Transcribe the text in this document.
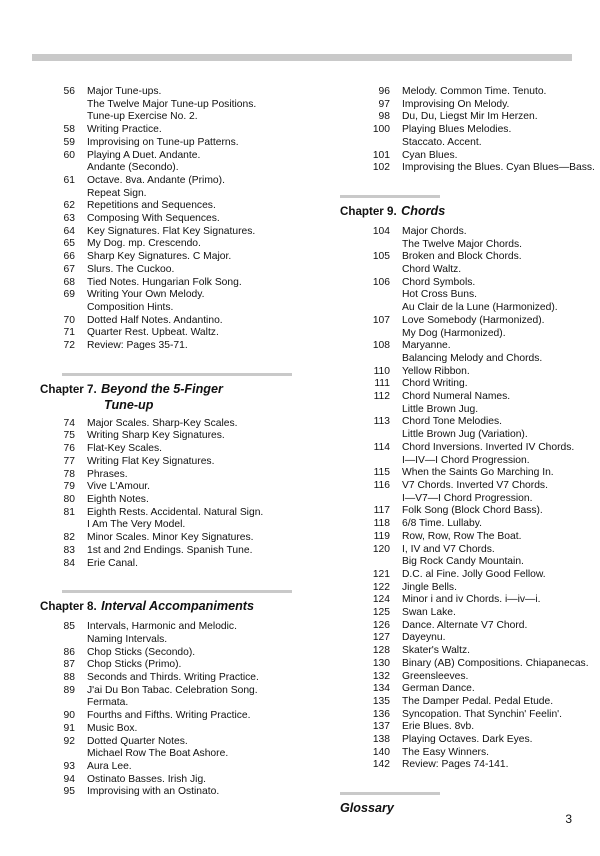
56	Major Tune-ups.
The Twelve Major Tune-up Positions.
Tune-up Exercise No. 2.
58	Writing Practice.
59	Improvising on Tune-up Patterns.
60	Playing A Duet. Andante.
Andante (Secondo).
61	Octave. 8va. Andante (Primo).
Repeat Sign.
62	Repetitions and Sequences.
63	Composing With Sequences.
64	Key Signatures. Flat Key Signatures.
65	My Dog. mp. Crescendo.
66	Sharp Key Signatures. C Major.
67	Slurs. The Cuckoo.
68	Tied Notes. Hungarian Folk Song.
69	Writing Your Own Melody.
Composition Hints.
70	Dotted Half Notes. Andantino.
71	Quarter Rest. Upbeat. Waltz.
72	Review: Pages 35-71.
Chapter 7. Beyond the 5-Finger
Tune-up
74	Major Scales. Sharp-Key Scales.
75	Writing Sharp Key Signatures.
76	Flat-Key Scales.
77	Writing Flat Key Signatures.
78	Phrases.
79	Vive L'Amour.
80	Eighth Notes.
81	Eighth Rests. Accidental. Natural Sign.
I Am The Very Model.
82	Minor Scales. Minor Key Signatures.
83	1st and 2nd Endings. Spanish Tune.
84	Erie Canal.
Chapter 8. Interval Accompaniments
85	Intervals, Harmonic and Melodic.
Naming Intervals.
86	Chop Sticks (Secondo).
87	Chop Sticks (Primo).
88	Seconds and Thirds. Writing Practice.
89	J'ai Du Bon Tabac. Celebration Song.
Fermata.
90	Fourths and Fifths. Writing Practice.
91	Music Box.
92	Dotted Quarter Notes.
Michael Row The Boat Ashore.
93	Aura Lee.
94	Ostinato Basses. Irish Jig.
95	Improvising with an Ostinato.
96	Melody. Common Time. Tenuto.
97	Improvising On Melody.
98	Du, Du, Liegst Mir Im Herzen.
100	Playing Blues Melodies.
Staccato. Accent.
101	Cyan Blues.
102	Improvising the Blues. Cyan Blues—Bass.
Chapter 9. Chords
104	Major Chords.
The Twelve Major Chords.
105	Broken and Block Chords.
Chord Waltz.
106	Chord Symbols.
Hot Cross Buns.
Au Clair de la Lune (Harmonized).
107	Love Somebody (Harmonized).
My Dog (Harmonized).
108	Maryanne.
Balancing Melody and Chords.
110	Yellow Ribbon.
111	Chord Writing.
112	Chord Numeral Names.
Little Brown Jug.
113	Chord Tone Melodies.
Little Brown Jug (Variation).
114	Chord Inversions. Inverted IV Chords.
I—IV—I Chord Progression.
115	When the Saints Go Marching In.
116	V7 Chords. Inverted V7 Chords.
I—V7—I Chord Progression.
117	Folk Song (Block Chord Bass).
118	6/8 Time. Lullaby.
119	Row, Row, Row The Boat.
120	I, IV and V7 Chords.
Big Rock Candy Mountain.
121	D.C. al Fine. Jolly Good Fellow.
122	Jingle Bells.
124	Minor i and iv Chords. i—iv—i.
125	Swan Lake.
126	Dance. Alternate V7 Chord.
127	Dayeynu.
128	Skater's Waltz.
130	Binary (AB) Compositions. Chiapanecas.
132	Greensleeves.
134	German Dance.
135	The Damper Pedal. Pedal Etude.
136	Syncopation. That Synchin' Feelin'.
137	Erie Blues. 8vb.
138	Playing Octaves. Dark Eyes.
140	The Easy Winners.
142	Review: Pages 74-141.
Glossary
3
